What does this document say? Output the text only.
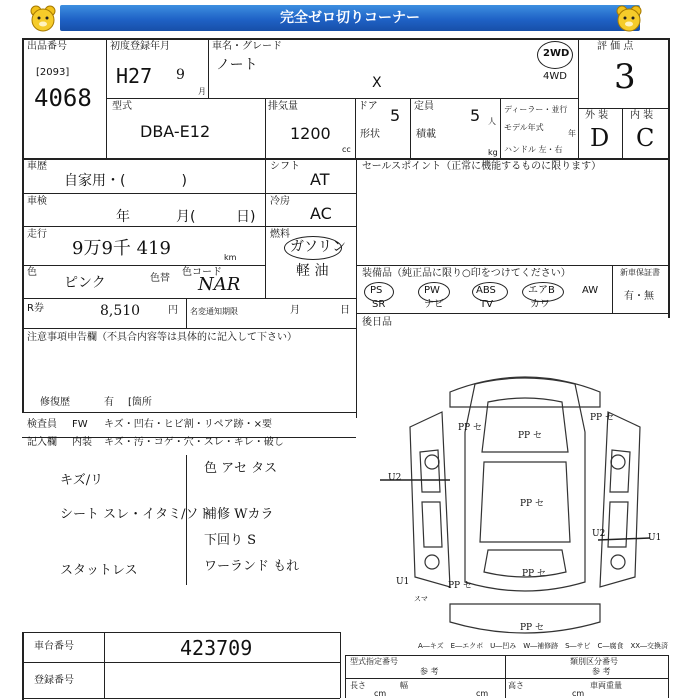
完全ゼロ切りコーナー
出品番号
[2093]
4068
初度登録年月
H27 9
月
車名・グレード
ノート
X
2WD
4WD
評 価 点
3
外 装 内 装
D C
型式
DBA-E12
排気量
1200
cc
ドア 5
形状
定員 5 人
積載
kg
ディーラー・並行
モデル年式
年
ハンドル 左・右
車歴
自家用・(　　　　)
シフト
AT
セールスポイント（正常に機能するものに限ります）
車検
年	月(	日)
冷房
AC
走行
9万9千 419	km
燃料
ガソリン
軽 油
色
ピンク	色替
色コード
NAR
装備品（純正品に限り○印をつけてください）
PS	PW	ABS	エアB	AW
SR	ナビ	TV	カワ
新車保証書
有・無
R券	8,510	円 名変通知期限	月	日
後日品
注意事項申告欄（不具合内容等は具体的に記入して下さい）
修復歴	有 [箇所
検査員
記入欄
FW キズ・凹右・ヒビ割・リペア跡・×要
内装 キズ・汚・コゲ・穴・スレ・キレ・破し
キズ/リ
シート スレ・イタミ/ソト
スタットレス
色 アセ タス
補修 Wカラ
下回り S
ワーランド もれ
PP セ
PP セ
PP セ
PP セ
PP セ
PP セ
PP セ
U2
U2
U1
U1
スマ
A―キズ　E―エクボ　U―凹み　W―補修跡　S―サビ　C―腐食　XX―交換済
車台番号	423709
登録番号
型式指定番号
参 考
類別区分番号
参 考
長さ
cm
幅
cm
高さ
cm
車両重量
